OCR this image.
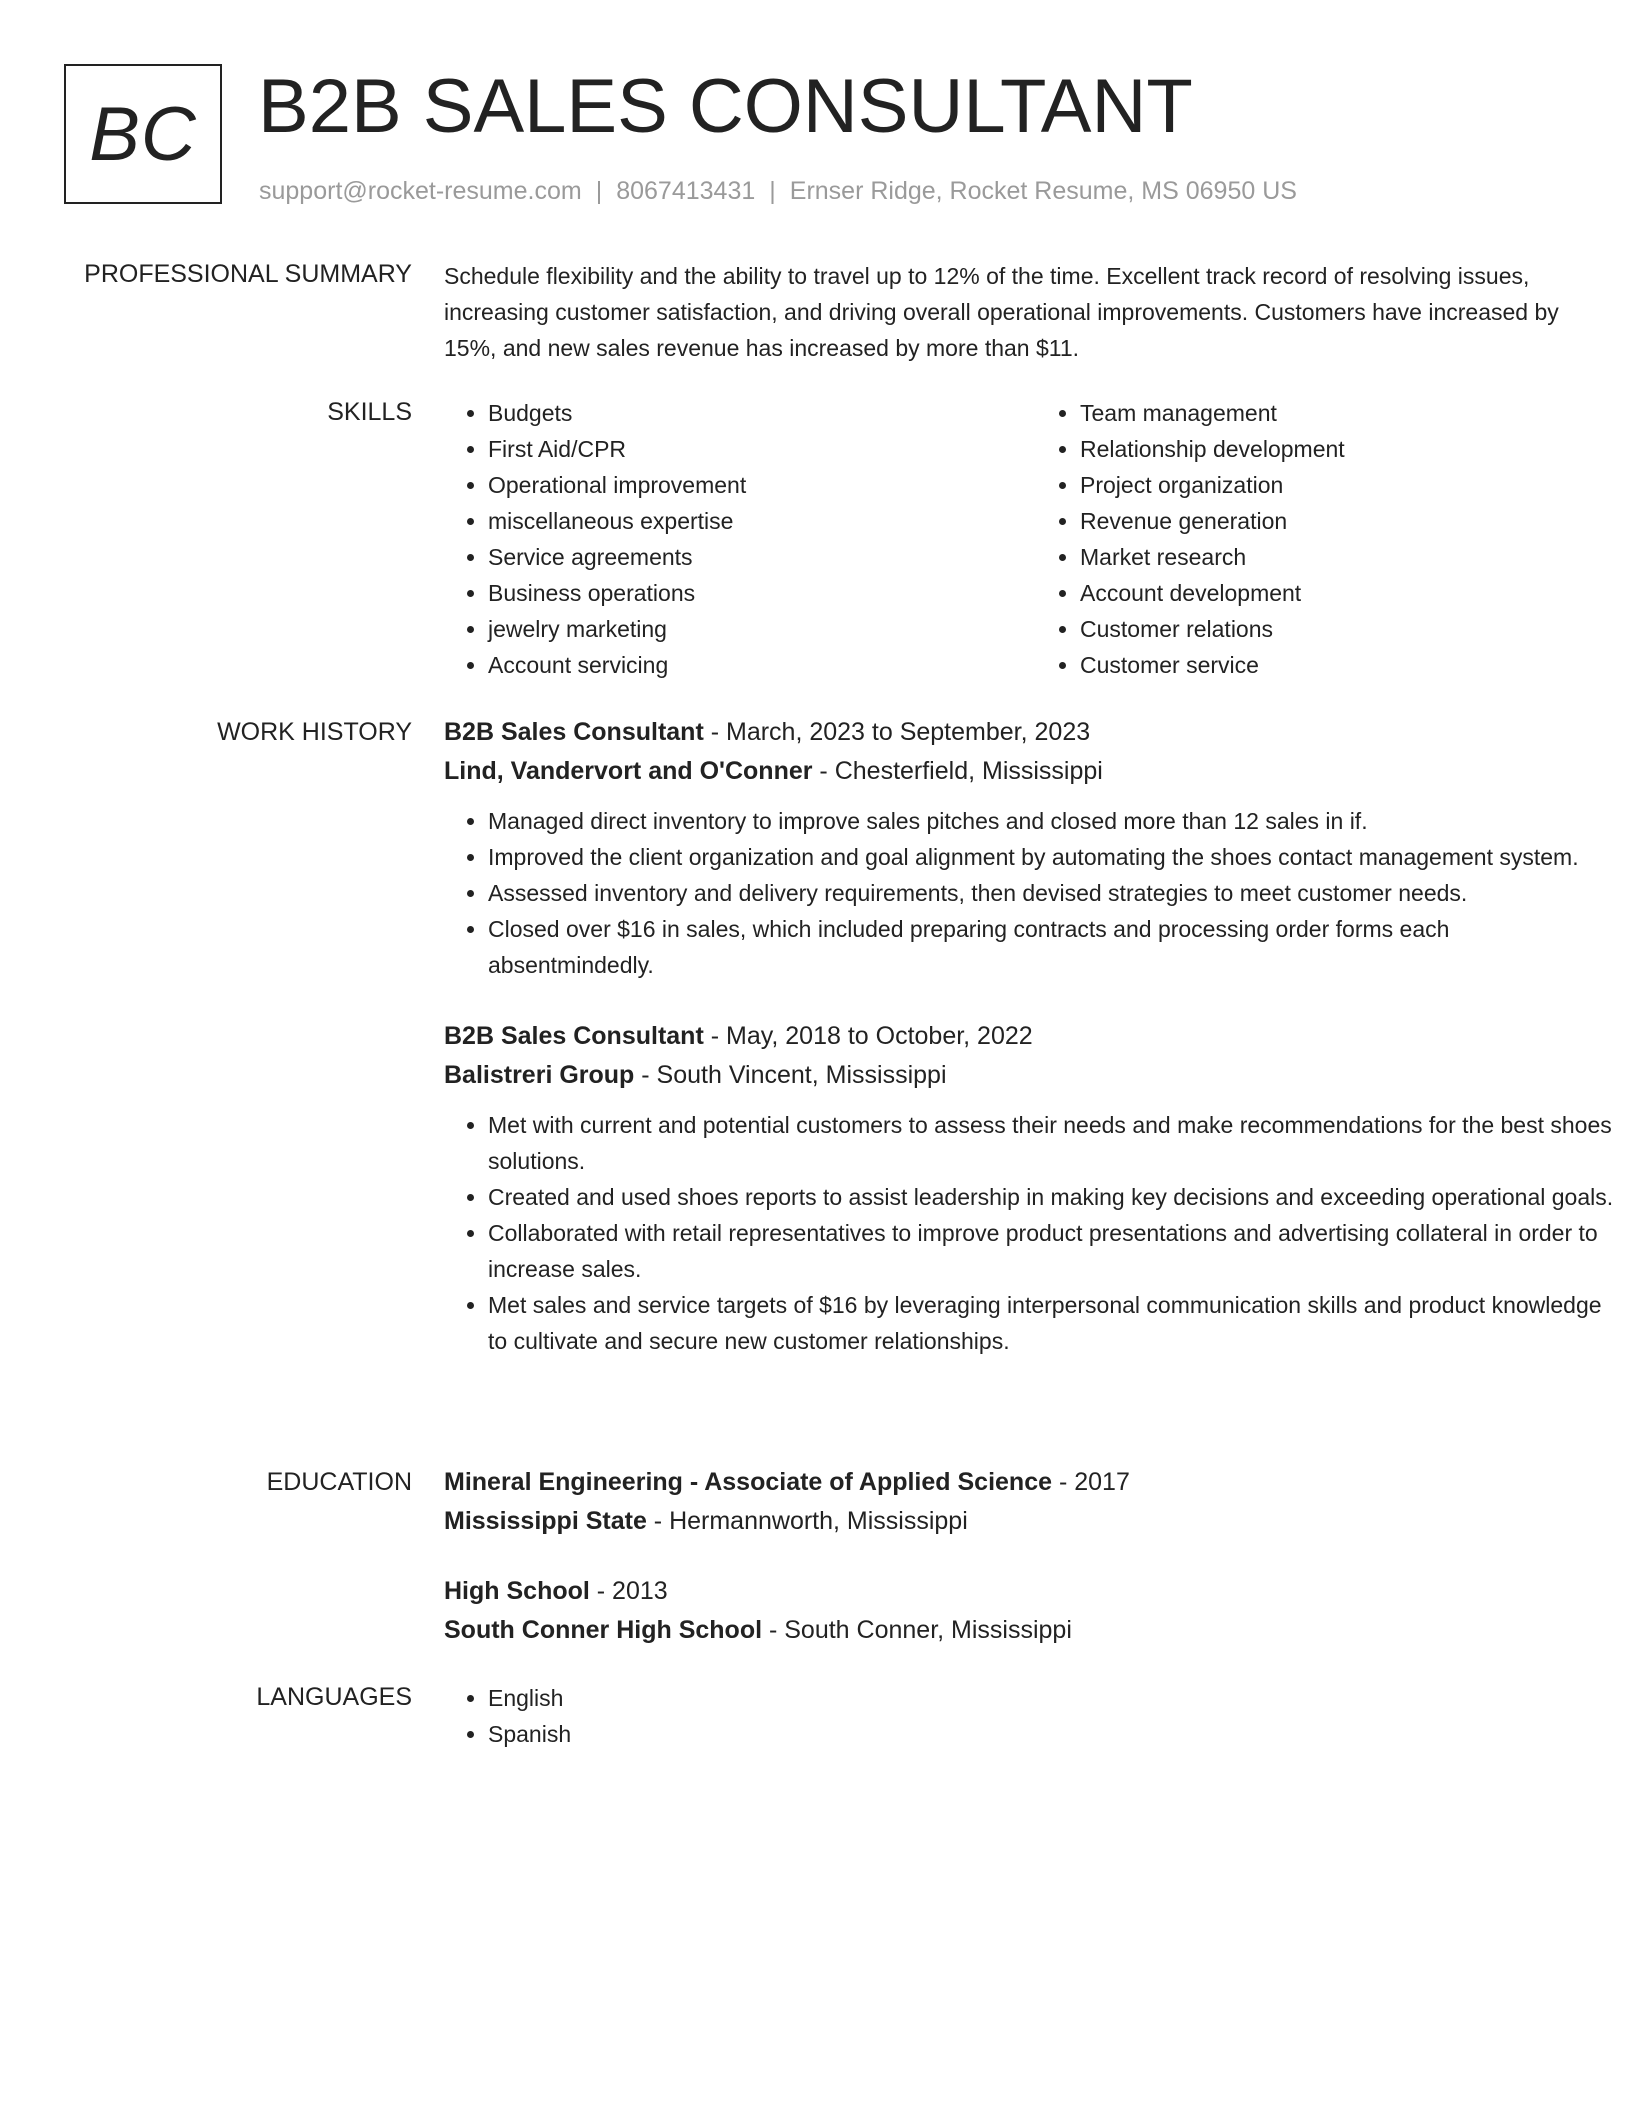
BC B2B SALES CONSULTANT
support@rocket-resume.com | 8067413431 | Ernser Ridge, Rocket Resume, MS 06950 US
PROFESSIONAL SUMMARY Schedule flexibility and the ability to travel up to 12% of the time. Excellent track record of resolving issues, increasing customer satisfaction, and driving overall operational improvements. Customers have increased by 15%, and new sales revenue has increased by more than $11.

SKILLS	• Budgets
• First Aid/CPR
• Operational improvement
• miscellaneous expertise
• Service agreements
• Business operations
• jewelry marketing
• Account servicing
• Team management
• Relationship development
• Project organization
• Revenue generation
• Market research
• Account development
• Customer relations
• Customer service
WORK HISTORY B2B Sales Consultant - March, 2023 to September, 2023
Lind, Vandervort and O'Conner - Chesterfield, Mississippi
• Managed direct inventory to improve sales pitches and closed more than 12 sales in if.
• Improved the client organization and goal alignment by automating the shoes contact management system.
• Assessed inventory and delivery requirements, then devised strategies to meet customer needs.
• Closed over $16 in sales, which included preparing contracts and processing order forms each absentmindedly.
B2B Sales Consultant - May, 2018 to October, 2022
Balistreri Group - South Vincent, Mississippi
• Met with current and potential customers to assess their needs and make recommendations for the best shoes solutions.
• Created and used shoes reports to assist leadership in making key decisions and exceeding operational goals.
• Collaborated with retail representatives to improve product presentations and advertising collateral in order to increase sales.
• Met sales and service targets of $16 by leveraging interpersonal communication skills and product knowledge to cultivate and secure new customer relationships.
EDUCATION Mineral Engineering - Associate of Applied Science - 2017
Mississippi State - Hermannworth, Mississippi
High School - 2013
South Conner High School - South Conner, Mississippi
LANGUAGES	• English
• Spanish
